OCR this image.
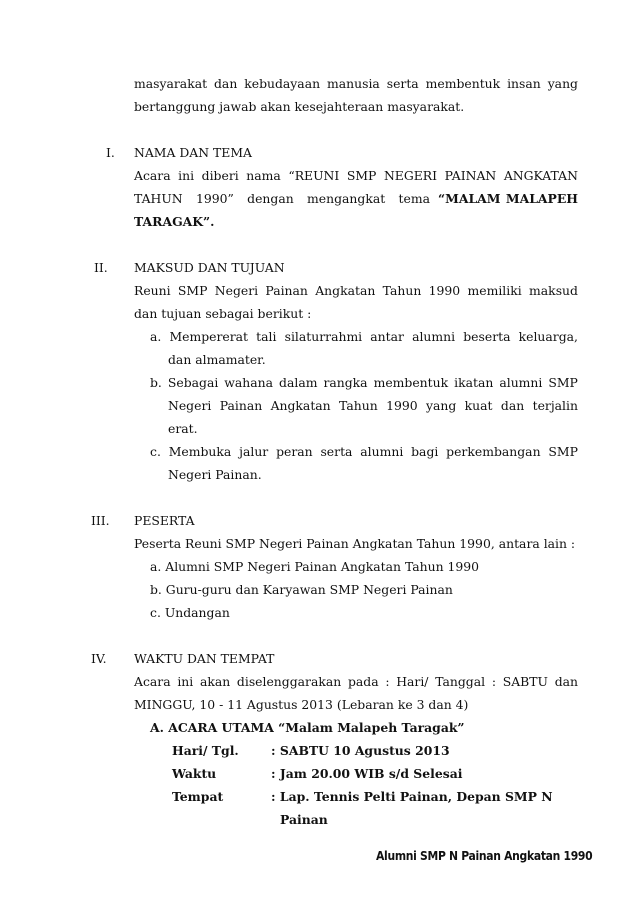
masyarakat dan kebudayaan manusia serta membentuk insan yang
bertanggung jawab akan kesejahteraan masyarakat.
I. NAMA DAN TEMA
Acara ini diberi nama “REUNI SMP NEGERI PAINAN ANGKATAN
TAHUN 1990” dengan mengangkat tema “MALAM MALAPEH
TARAGAK”.
II. MAKSUD DAN TUJUAN
Reuni SMP Negeri Painan Angkatan Tahun 1990 memiliki maksud
dan tujuan sebagai berikut :
a. Mempererat tali silaturrahmi antar alumni beserta keluarga,
dan almamater.
b. Sebagai wahana dalam rangka membentuk ikatan alumni SMP
Negeri Painan Angkatan Tahun 1990 yang kuat dan terjalin
erat.
c. Membuka jalur peran serta alumni bagi perkembangan SMP
Negeri Painan.
III. PESERTA
Peserta Reuni SMP Negeri Painan Angkatan Tahun 1990, antara lain :
a. Alumni SMP Negeri Painan Angkatan Tahun 1990
b. Guru-guru dan Karyawan SMP Negeri Painan
c. Undangan
IV. WAKTU DAN TEMPAT
Acara ini akan diselenggarakan pada : Hari/ Tanggal : SABTU dan
MINGGU, 10 - 11 Agustus 2013 (Lebaran ke 3 dan 4)
A. ACARA UTAMA “Malam Malapeh Taragak”
Hari/ Tgl.	: SABTU 10 Agustus 2013
Waktu	: Jam 20.00 WIB s/d Selesai
Tempat	: Lap. Tennis Pelti Painan, Depan SMP N
Painan
Alumni SMP N Painan Angkatan 1990
